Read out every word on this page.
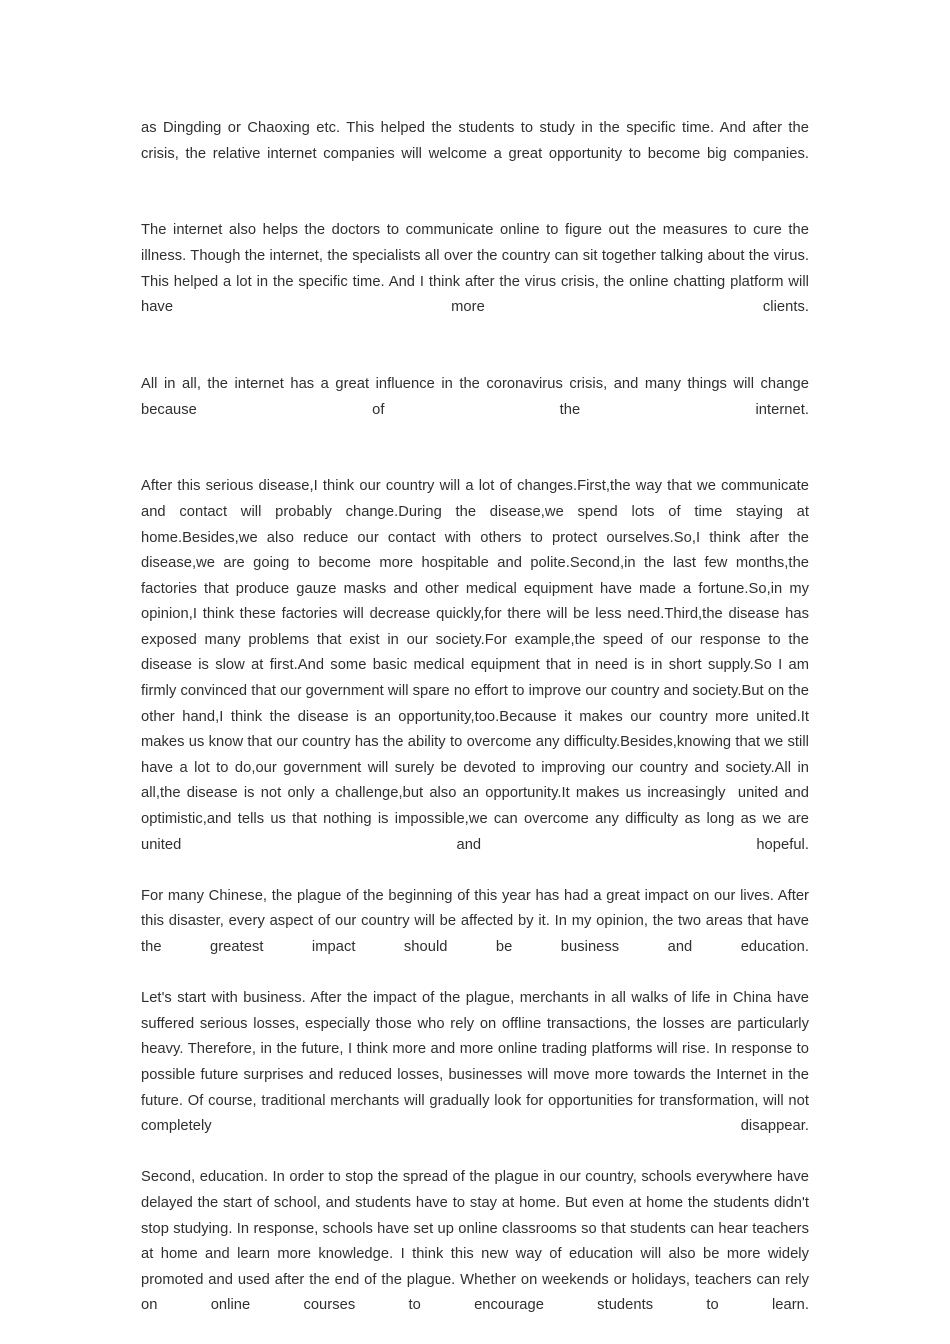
as Dingding or Chaoxing etc. This helped the students to study in the specific time. And after the crisis, the relative internet companies will welcome a great opportunity to become big companies.

The internet also helps the doctors to communicate online to figure out the measures to cure the illness. Though the internet, the specialists all over the country can sit together talking about the virus. This helped a lot in the specific time. And I think after the virus crisis, the online chatting platform will have more clients.

All in all, the internet has a great influence in the coronavirus crisis, and many things will change because of the internet.

After this serious disease,I think our country will a lot of changes.First,the way that we communicate and contact will probably change.During the disease,we spend lots of time staying at home.Besides,we also reduce our contact with others to protect ourselves.So,I think after the disease,we are going to become more hospitable and polite.Second,in the last few months,the factories that produce gauze masks and other medical equipment have made a fortune.So,in my opinion,I think these factories will decrease quickly,for there will be less need.Third,the disease has exposed many problems that exist in our society.For example,the speed of our response to the disease is slow at first.And some basic medical equipment that in need is in short supply.So I am firmly convinced that our government will spare no effort to improve our country and society.But on the other hand,I think the disease is an opportunity,too.Because it makes our country more united.It makes us know that our country has the ability to overcome any difficulty.Besides,knowing that we still have a lot to do,our government will surely be devoted to improving our country and society.All in all,the disease is not only a challenge,but also an opportunity.It makes us increasingly  united and optimistic,and tells us that nothing is impossible,we can overcome any difficulty as long as we are united and hopeful.

For many Chinese, the plague of the beginning of this year has had a great impact on our lives. After this disaster, every aspect of our country will be affected by it. In my opinion, the two areas that have the greatest impact should be business and education.

Let's start with business. After the impact of the plague, merchants in all walks of life in China have suffered serious losses, especially those who rely on offline transactions, the losses are particularly heavy. Therefore, in the future, I think more and more online trading platforms will rise. In response to possible future surprises and reduced losses, businesses will move more towards the Internet in the future. Of course, traditional merchants will gradually look for opportunities for transformation, will not completely disappear.

Second, education. In order to stop the spread of the plague in our country, schools everywhere have delayed the start of school, and students have to stay at home. But even at home the students didn't stop studying. In response, schools have set up online classrooms so that students can hear teachers at home and learn more knowledge. I think this new way of education will also be more widely promoted and used after the end of the plague. Whether on weekends or holidays, teachers can rely on online courses to encourage students to learn.
